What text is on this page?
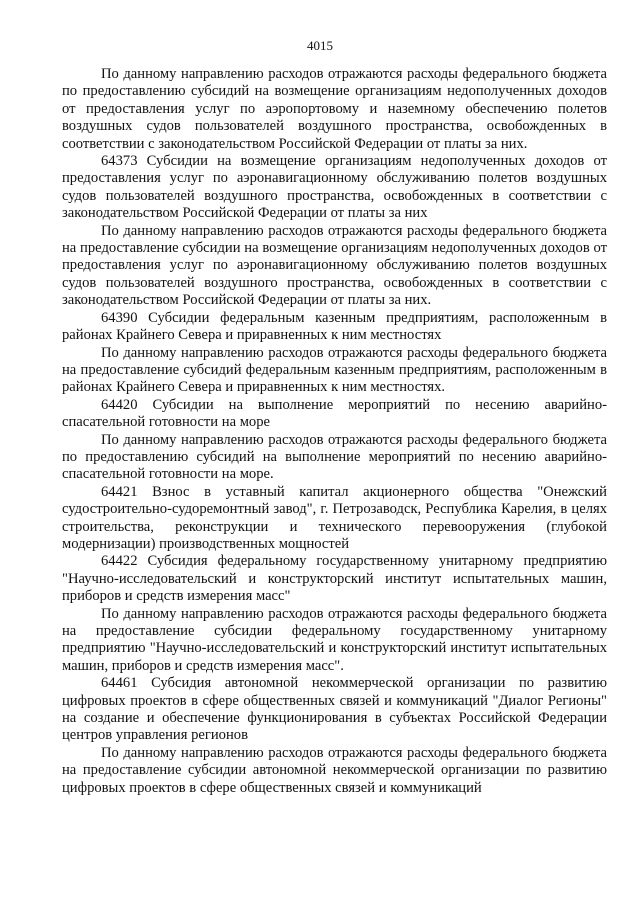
4015

По данному направлению расходов отражаются расходы федерального бюджета по предоставлению субсидий на возмещение организациям недополученных доходов от предоставления услуг по аэропортовому и наземному обеспечению полетов воздушных судов пользователей воздушного пространства, освобожденных в соответствии с законодательством Российской Федерации от платы за них.

64373 Субсидии на возмещение организациям недополученных доходов от предоставления услуг по аэронавигационному обслуживанию полетов воздушных судов пользователей воздушного пространства, освобожденных в соответствии с законодательством Российской Федерации от платы за них

По данному направлению расходов отражаются расходы федерального бюджета на предоставление субсидии на возмещение организациям недополученных доходов от предоставления услуг по аэронавигационному обслуживанию полетов воздушных судов пользователей воздушного пространства, освобожденных в соответствии с законодательством Российской Федерации от платы за них.

64390 Субсидии федеральным казенным предприятиям, расположенным в районах Крайнего Севера и приравненных к ним местностях

По данному направлению расходов отражаются расходы федерального бюджета на предоставление субсидий федеральным казенным предприятиям, расположенным в районах Крайнего Севера и приравненных к ним местностях.

64420 Субсидии на выполнение мероприятий по несению аварийно-спасательной готовности на море

По данному направлению расходов отражаются расходы федерального бюджета по предоставлению субсидий на выполнение мероприятий по несению аварийно-спасательной готовности на море.

64421 Взнос в уставный капитал акционерного общества "Онежский судостроительно-судоремонтный завод", г. Петрозаводск, Республика Карелия, в целях строительства, реконструкции и технического перевооружения (глубокой модернизации) производственных мощностей

64422 Субсидия федеральному государственному унитарному предприятию "Научно-исследовательский и конструкторский институт испытательных машин, приборов и средств измерения масс"

По данному направлению расходов отражаются расходы федерального бюджета на предоставление субсидии федеральному государственному унитарному предприятию "Научно-исследовательский и конструкторский институт испытательных машин, приборов и средств измерения масс".

64461 Субсидия автономной некоммерческой организации по развитию цифровых проектов в сфере общественных связей и коммуникаций "Диалог Регионы" на создание и обеспечение функционирования в субъектах Российской Федерации центров управления регионов

По данному направлению расходов отражаются расходы федерального бюджета на предоставление субсидии автономной некоммерческой организации по развитию цифровых проектов в сфере общественных связей и коммуникаций
